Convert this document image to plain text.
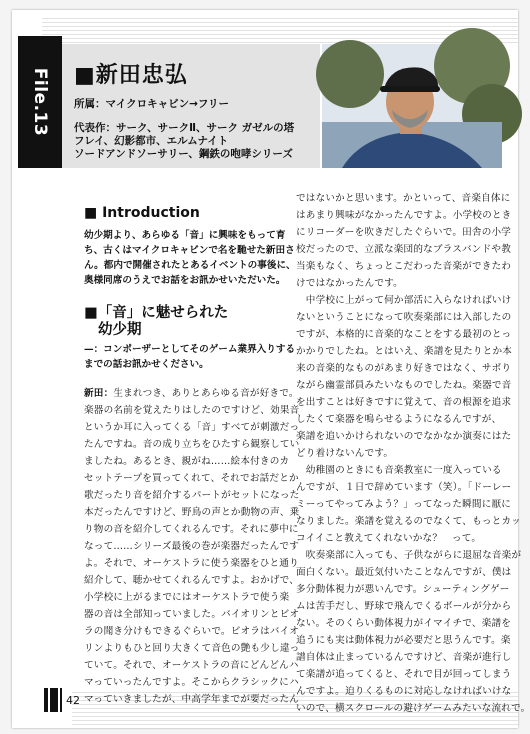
File.13 ■新田忠弘
所属：マイクロキャビン→フリー
代表作：サーク、サークⅡ、サーク ガゼルの塔
フレイ、幻影都市、エルムナイト
ソードアンドソーサリー、鋼鉄の咆哮シリーズ
■ Introduction
幼少期より、あらゆる「音」に興味をもって育
ち、古くはマイクロキャビンで名を馳せた新田さ
ん。都内で開催されたとあるイベントの事後に、
奥様同席のうえでお話をお訊かせいただいた。
■「音」に魅せられた
幼少期
—：コンポーザーとしてそのゲーム業界入りする
までの話お訊かせください。
新田：生まれつき、ありとあらゆる音が好きで。
楽器の名前を覚えたりはしたのですけど、効果音
というか耳に入ってくる「音」すべてが刺激だっ
たんですね。音の成り立ちをひたすら観察してい
ましたね。あるとき、親がね……絵本付きのカ
セットテープを買ってくれて、それでお話だとか
歌だったり音を紹介するパートがセットになった
本だったんですけど、野鳥の声とか動物の声、乗
り物の音を紹介してくれるんです。それに夢中に
なって……シリーズ最後の巻が楽器だったんです
よ。それで、オーケストラに使う楽器をひと通り
紹介して、聴かせてくれるんですよ。おかげで、
小学校に上がるまでにはオーケストラで使う楽
器の音は全部知っていました。バイオリンとビオ
ラの聞き分けもできるぐらいで。ビオラはバイオ
リンよりもひと回り大きくて音色の艶も少し違っ
ていて。それで、オーケストラの音にどんどんハ
マっていったんですよ。そこからクラシックにハ
マっていきましたが、中高学年までが要だったん
ではないかと思います。かといって、音楽自体に
はあまり興味がなかったんですよ。小学校のとき
にリコーダーを吹きだしたぐらいで。田舎の小学
校だったので、立派な楽団的なブラスバンドや教
当楽もなく、ちょっとこだわった音楽ができたわ
けではなかったんです。
　中学校に上がって何か部活に入らなければいけ
ないということになって吹奏楽部には入部したの
ですが、本格的に音楽的なことをする最初のとっ
かかりでしたね。とはいえ、楽譜を見たりとか本
来の音楽的なものがあまり好きではなく、サボり
ながら幽霊部員みたいなものでしたね。楽器で音
を出すことは好きですに覚えて、音の根源を追求
したくて楽器を鳴らせるようになるんですが、
楽譜を追いかけられないのでなかなか演奏にはた
どり着けないんです。
　幼稚園のときにも音楽教室に一度入っている
んですが、１日で辞めています（笑）。「ドーレー
ミーってやってみよう？」ってなった瞬間に厭に
なりました。楽譜を覚えるのでなくて、もっとカッ
コイイこと教えてくれないかな？　って。
　吹奏楽部に入っても、子供ながらに退屈な音楽が
面白くない。最近気付いたことなんですが、僕は
多分動体視力が悪いんです。シューティングゲー
ムは苦手だし、野球で飛んでくるボールが分から
ない。そのくらい動体視力がイマイチで、楽譜を
追うにも実は動体視力が必要だと思うんです。楽
譜自体は止まっているんですけど、音楽が進行し
て楽譜が追ってくると、それで目が回ってしまう
んですよ。迫りくるものに対応しなければいけな
いので、横スクロールの避けゲームみたいな流れで。
42
